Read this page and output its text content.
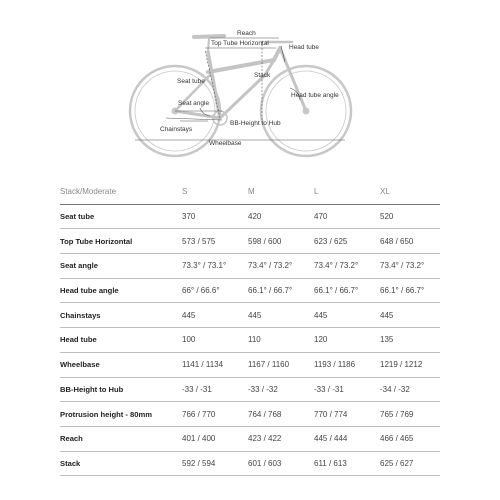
Reach
Top Tube Horizontal
Head tube
Stack
Seat tube
Head tube angle
Seat angle
BB-Height to Hub
Chainstays
Wheelbase
Stack/Moderate	S	M	L	XL
Seat tube	370	420	470	520
Top Tube Horizontal	573 / 575	598 / 600	623 / 625	648 / 650
Seat angle	73.3° / 73.1°	73.4° / 73.2°	73.4° / 73.2°	73.4° / 73.2°
Head tube angle	66° / 66.6°	66.1° / 66.7°	66.1° / 66.7°	66.1° / 66.7°
Chainstays	445	445	445	445
Head tube	100	110	120	135
Wheelbase	1141 / 1134	1167 / 1160	1193 / 1186	1219 / 1212
BB-Height to Hub	-33 / -31	-33 / -32	-33 / -31	-34 / -32
Protrusion height - 80mm	766 / 770	764 / 768	770 / 774	765 / 769
Reach	401 / 400	423 / 422	445 / 444	466 / 465
Stack	592 / 594	601 / 603	611 / 613	625 / 627
